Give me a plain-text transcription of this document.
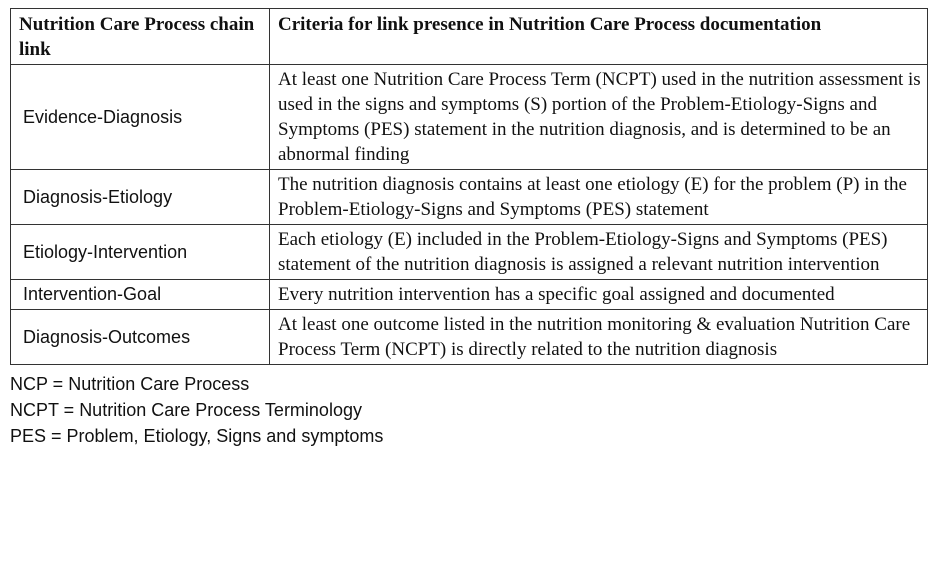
Nutrition Care Process chain link	Criteria for link presence in Nutrition Care Process documentation
Evidence-Diagnosis	At least one Nutrition Care Process Term (NCPT) used in the nutrition assessment is used in the signs and symptoms (S) portion of the Problem-Etiology-Signs and Symptoms (PES) statement in the nutrition diagnosis, and is determined to be an abnormal finding
Diagnosis-Etiology	The nutrition diagnosis contains at least one etiology (E) for the problem (P) in the Problem-Etiology-Signs and Symptoms (PES) statement
Etiology-Intervention	Each etiology (E) included in the Problem-Etiology-Signs and Symptoms (PES) statement of the nutrition diagnosis is assigned a relevant nutrition intervention
Intervention-Goal	Every nutrition intervention has a specific goal assigned and documented
Diagnosis-Outcomes	At least one outcome listed in the nutrition monitoring & evaluation Nutrition Care Process Term (NCPT) is directly related to the nutrition diagnosis
NCP = Nutrition Care Process
NCPT = Nutrition Care Process Terminology
PES = Problem, Etiology, Signs and symptoms
